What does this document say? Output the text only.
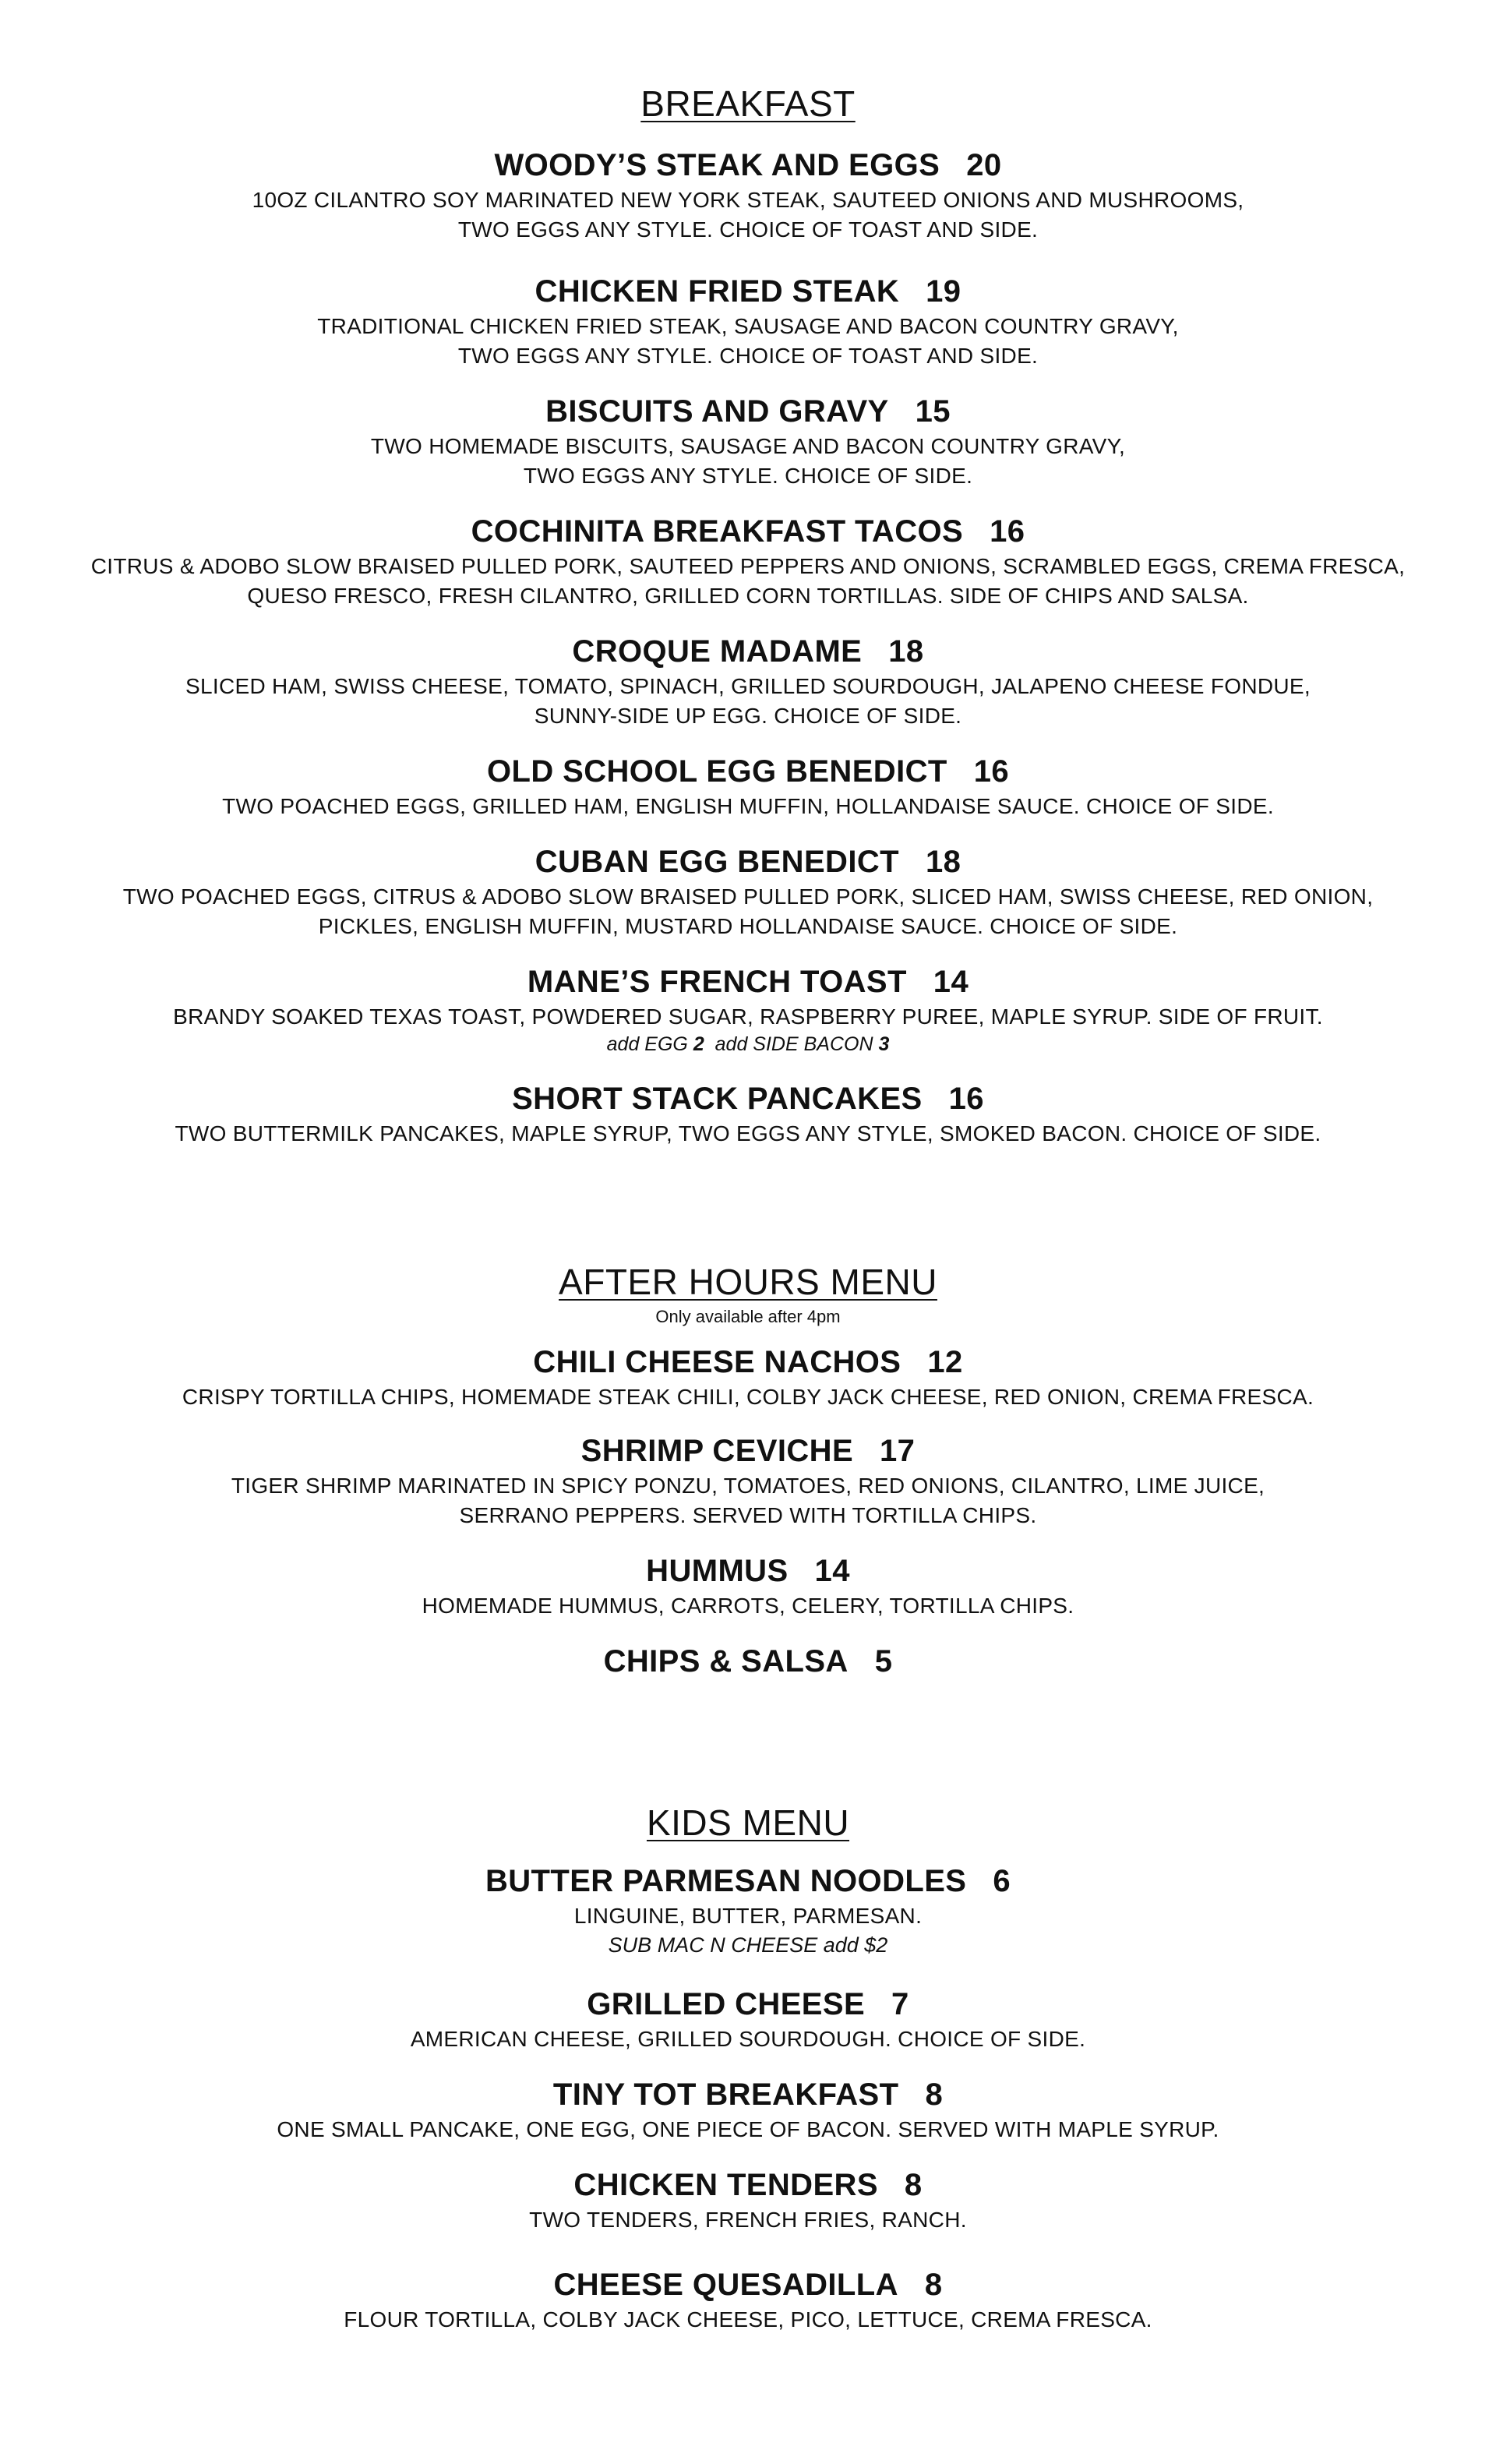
BREAKFAST
WOODY’S STEAK AND EGGS 20
10OZ CILANTRO SOY MARINATED NEW YORK STEAK, SAUTEED ONIONS AND MUSHROOMS,
TWO EGGS ANY STYLE. CHOICE OF TOAST AND SIDE.
CHICKEN FRIED STEAK 19
TRADITIONAL CHICKEN FRIED STEAK, SAUSAGE AND BACON COUNTRY GRAVY,
TWO EGGS ANY STYLE. CHOICE OF TOAST AND SIDE.
BISCUITS AND GRAVY 15
TWO HOMEMADE BISCUITS, SAUSAGE AND BACON COUNTRY GRAVY,
TWO EGGS ANY STYLE. CHOICE OF SIDE.
COCHINITA BREAKFAST TACOS 16
CITRUS & ADOBO SLOW BRAISED PULLED PORK, SAUTEED PEPPERS AND ONIONS, SCRAMBLED EGGS, CREMA FRESCA,
QUESO FRESCO, FRESH CILANTRO, GRILLED CORN TORTILLAS. SIDE OF CHIPS AND SALSA.
CROQUE MADAME 18
SLICED HAM, SWISS CHEESE, TOMATO, SPINACH, GRILLED SOURDOUGH, JALAPENO CHEESE FONDUE,
SUNNY-SIDE UP EGG. CHOICE OF SIDE.
OLD SCHOOL EGG BENEDICT 16
TWO POACHED EGGS, GRILLED HAM, ENGLISH MUFFIN, HOLLANDAISE SAUCE. CHOICE OF SIDE.
CUBAN EGG BENEDICT 18
TWO POACHED EGGS, CITRUS & ADOBO SLOW BRAISED PULLED PORK, SLICED HAM, SWISS CHEESE, RED ONION,
PICKLES, ENGLISH MUFFIN, MUSTARD HOLLANDAISE SAUCE. CHOICE OF SIDE.
MANE’S FRENCH TOAST 14
BRANDY SOAKED TEXAS TOAST, POWDERED SUGAR, RASPBERRY PUREE, MAPLE SYRUP. SIDE OF FRUIT.
add EGG 2 add SIDE BACON 3
SHORT STACK PANCAKES 16
TWO BUTTERMILK PANCAKES, MAPLE SYRUP, TWO EGGS ANY STYLE, SMOKED BACON. CHOICE OF SIDE.
AFTER HOURS MENU
Only available after 4pm
CHILI CHEESE NACHOS 12
CRISPY TORTILLA CHIPS, HOMEMADE STEAK CHILI, COLBY JACK CHEESE, RED ONION, CREMA FRESCA.
SHRIMP CEVICHE 17
TIGER SHRIMP MARINATED IN SPICY PONZU, TOMATOES, RED ONIONS, CILANTRO, LIME JUICE,
SERRANO PEPPERS. SERVED WITH TORTILLA CHIPS.
HUMMUS 14
HOMEMADE HUMMUS, CARROTS, CELERY, TORTILLA CHIPS.
CHIPS & SALSA 5
KIDS MENU
BUTTER PARMESAN NOODLES 6
LINGUINE, BUTTER, PARMESAN.
SUB MAC N CHEESE add $2
GRILLED CHEESE 7
AMERICAN CHEESE, GRILLED SOURDOUGH. CHOICE OF SIDE.
TINY TOT BREAKFAST 8
ONE SMALL PANCAKE, ONE EGG, ONE PIECE OF BACON. SERVED WITH MAPLE SYRUP.
CHICKEN TENDERS 8
TWO TENDERS, FRENCH FRIES, RANCH.
CHEESE QUESADILLA 8
FLOUR TORTILLA, COLBY JACK CHEESE, PICO, LETTUCE, CREMA FRESCA.
